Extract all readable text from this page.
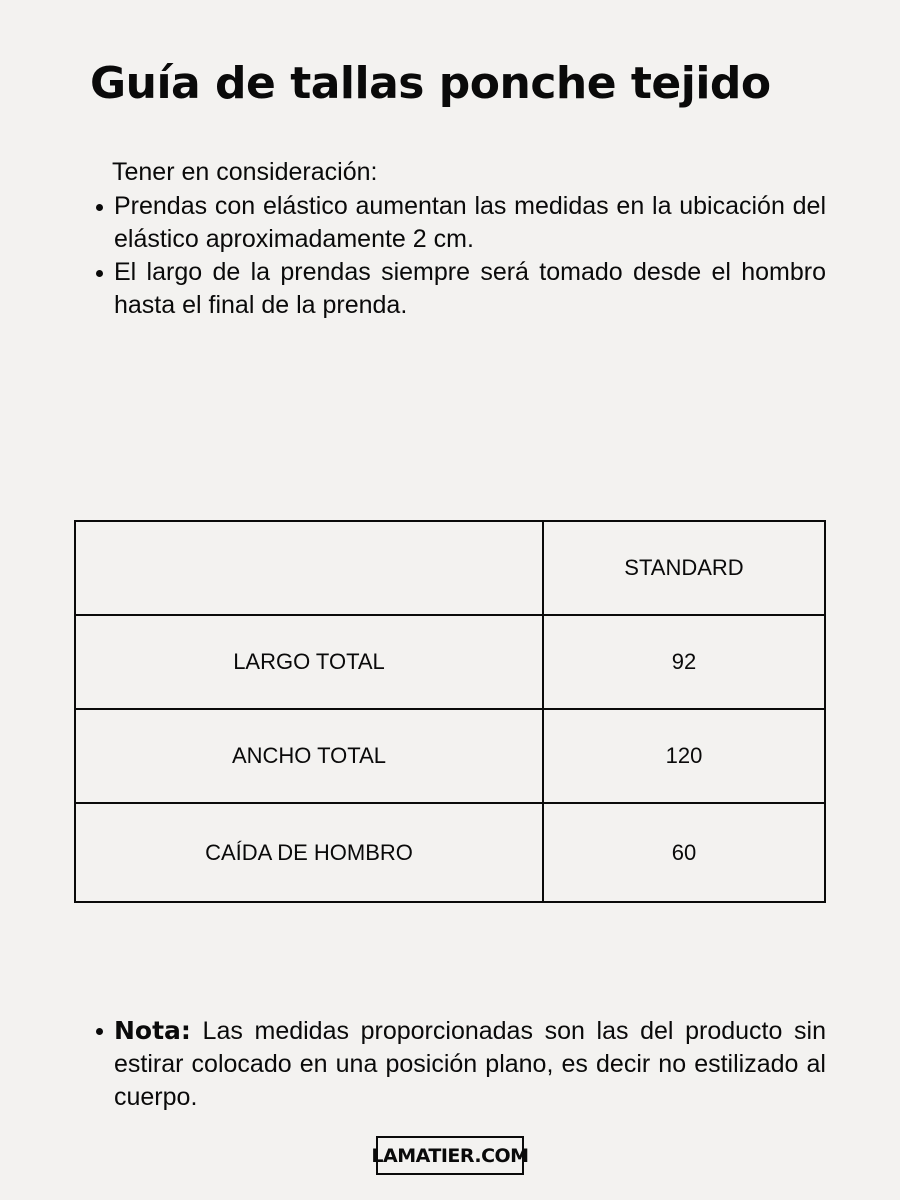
Guía de tallas ponche tejido

Tener en consideración:

Prendas con elástico aumentan las medidas en la ubicación del elástico aproximadamente 2 cm.
El largo de la prendas siempre será tomado desde el hombro hasta el final de la prenda.
	STANDARD
LARGO TOTAL	92
ANCHO TOTAL	120
CAÍDA DE HOMBRO	60
Nota: Las medidas proporcionadas son las del producto sin estirar colocado en una posición plano, es decir no estilizado al cuerpo.
LAMATIER.COM
